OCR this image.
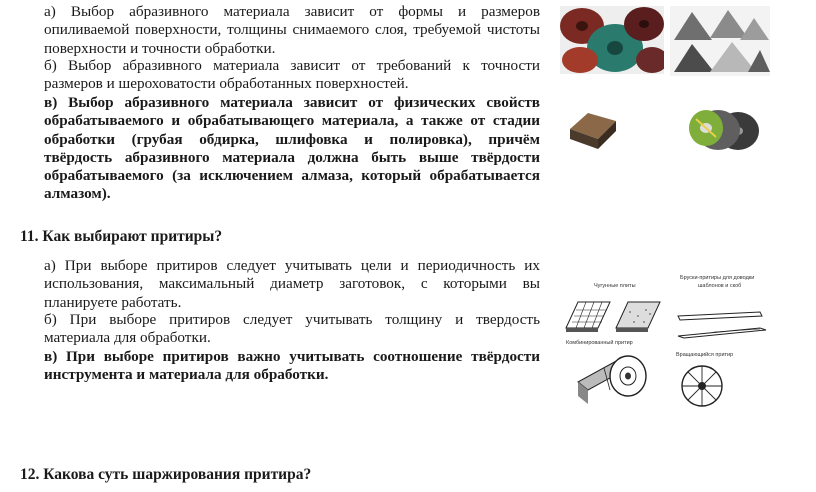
а) Выбор абразивного материала зависит от формы и размеров
опиливаемой поверхности, толщины снимаемого слоя, требуемой чистоты
поверхности и точности обработки.
б) Выбор абразивного материала зависит от требований к точности
размеров и шероховатости обработанных поверхностей.
в) Выбор абразивного материала зависит от физических свойств
обрабатываемого и обрабатывающего материала, а также от стадии
обработки (грубая обдирка, шлифовка и полировка), причём
твёрдость абразивного материала должна быть выше твёрдости
обрабатываемого (за исключением алмаза, который обрабатывается
алмазом).
11. Как выбирают притиры?
а) При выборе притиров следует учитывать цели и периодичность их
использования, максимальный диаметр заготовок, с которыми вы
планируете работать.
б) При выборе притиров следует учитывать толщину и твердость
материала для обработки.
в) При выборе притиров важно учитывать соотношение твёрдости
инструмента и материала для обработки.
12. Какова суть шаржирования притира?
Чугунные плиты
Бруски-притиры для доводки
шаблонов и скоб
Комбинированный притир
Вращающийся притир
